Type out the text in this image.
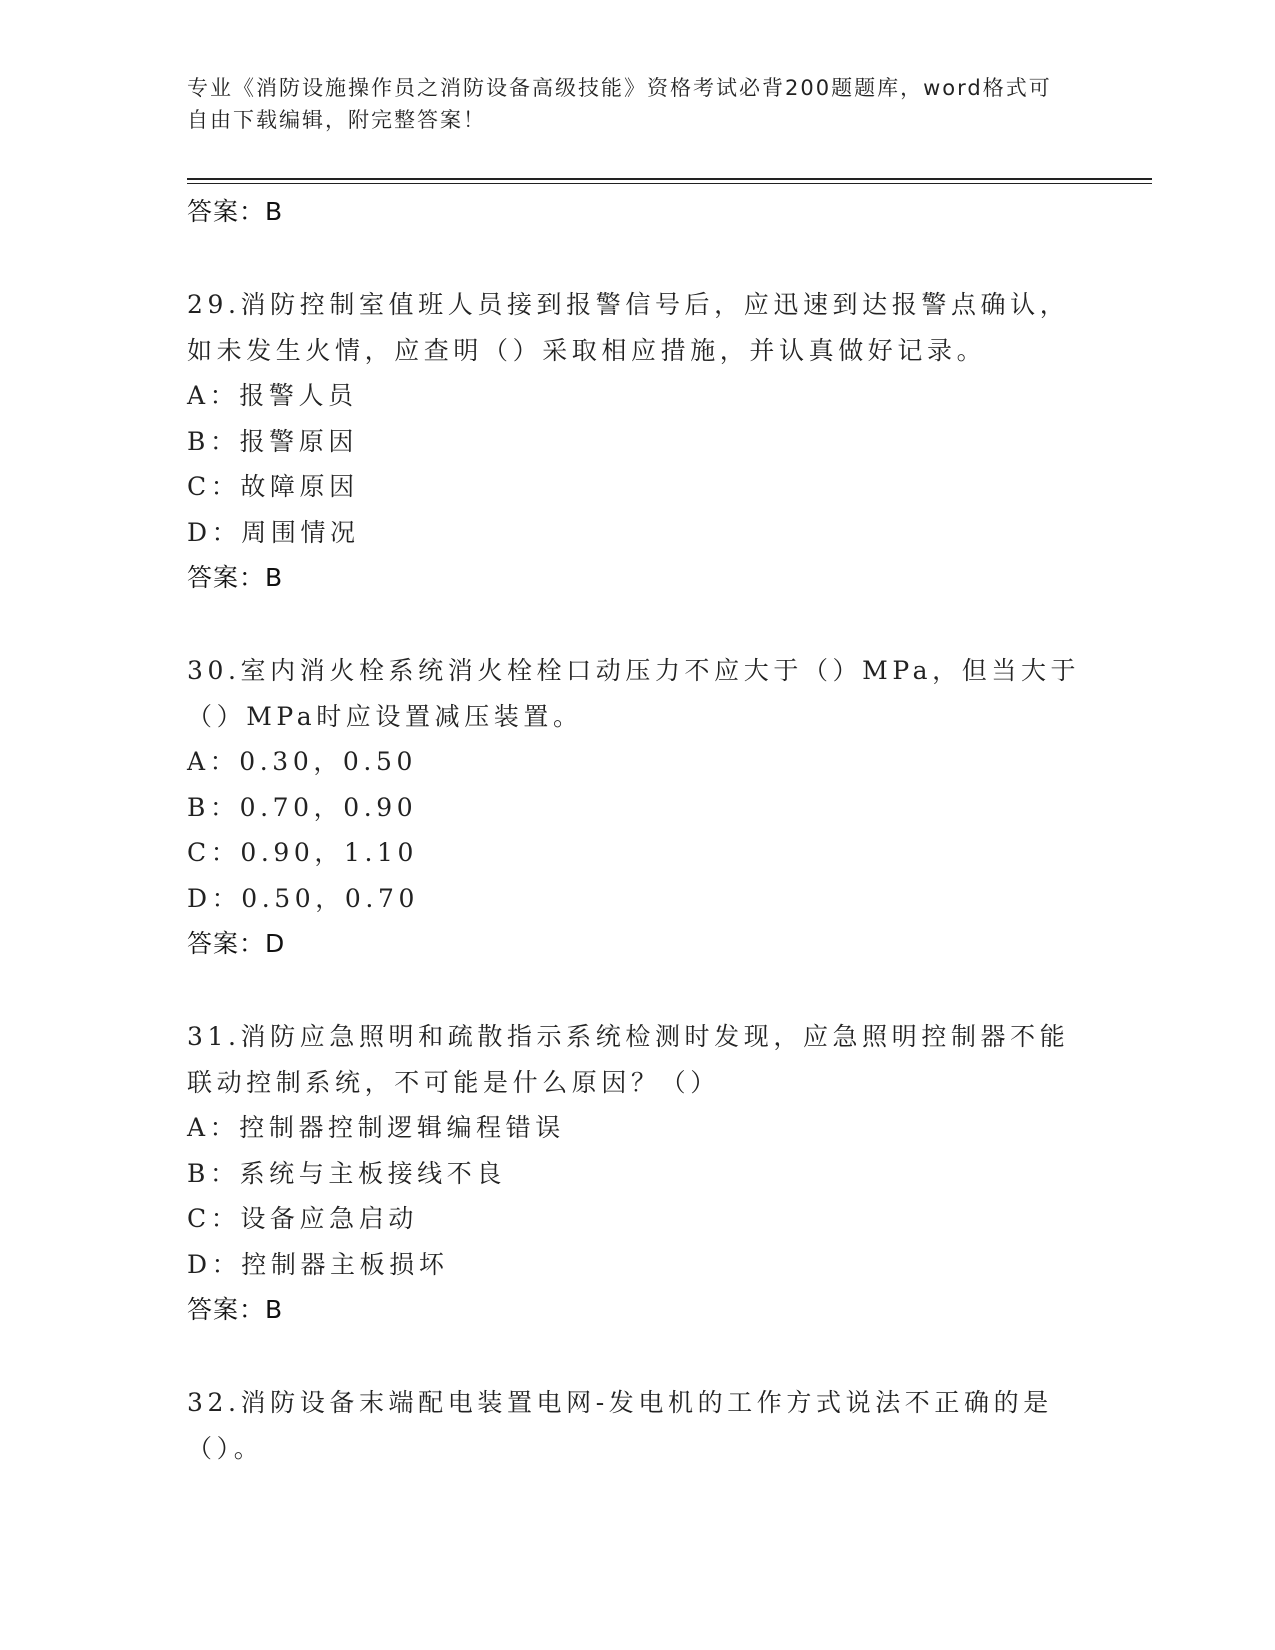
专业《消防设施操作员之消防设备高级技能》资格考试必背200题题库，word格式可自由下载编辑，附完整答案！
答案：B
29.消防控制室值班人员接到报警信号后，应迅速到达报警点确认，如未发生火情，应查明（）采取相应措施，并认真做好记录。
A：报警人员
B：报警原因
C：故障原因
D：周围情况
答案：B
30.室内消火栓系统消火栓栓口动压力不应大于（）MPa，但当大于（）MPa时应设置减压装置。
A：0.30，0.50
B：0.70，0.90
C：0.90，1.10
D：0.50，0.70
答案：D
31.消防应急照明和疏散指示系统检测时发现，应急照明控制器不能联动控制系统，不可能是什么原因？（）
A：控制器控制逻辑编程错误
B：系统与主板接线不良
C：设备应急启动
D：控制器主板损坏
答案：B
32.消防设备末端配电装置电网-发电机的工作方式说法不正确的是（）。
